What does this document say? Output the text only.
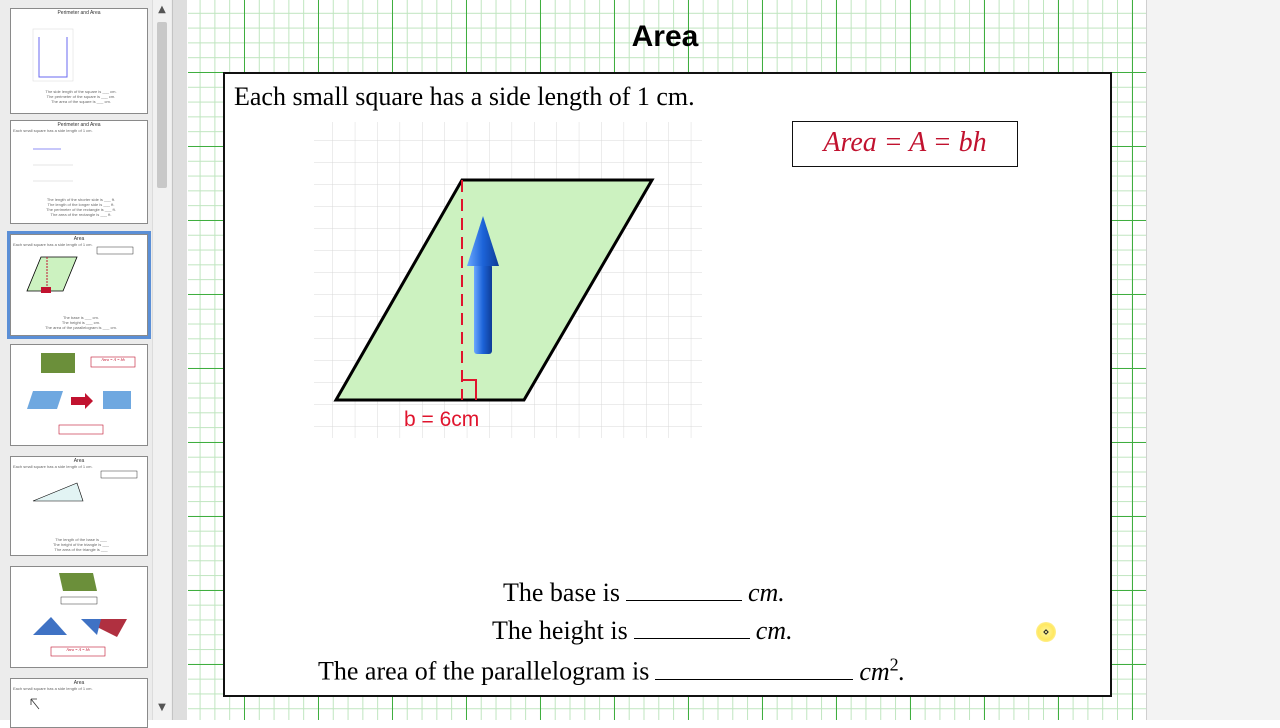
Perimeter and Area
The side length of the square is ___ cm.
The perimeter of the square is ___ cm.
The area of the square is ___ cm.
Perimeter and Area
Each small square has a side length of 1 cm.
The length of the shorter side is ___ ft.
The length of the longer side is ___ ft.
The perimeter of the rectangle is ___ ft.
The area of the rectangle is ___ ft.
Area
Each small square has a side length of 1 cm.
The base is ___ cm.
The height is ___ cm.
The area of the parallelogram is ___ cm.
Area = A = bh
Area
Each small square has a side length of 1 cm.
The length of the base is ___
The height of the triangle is ___
The area of the triangle is ___
Area = A = bh
Area
Each small square has a side length of 1 cm.
▲
▼
Area
Each small square has a side length of 1 cm.
Area = A = bh
b = 6cm
The base is	cm.
The height is	cm.
The area of the parallelogram is	$cm^2$.
